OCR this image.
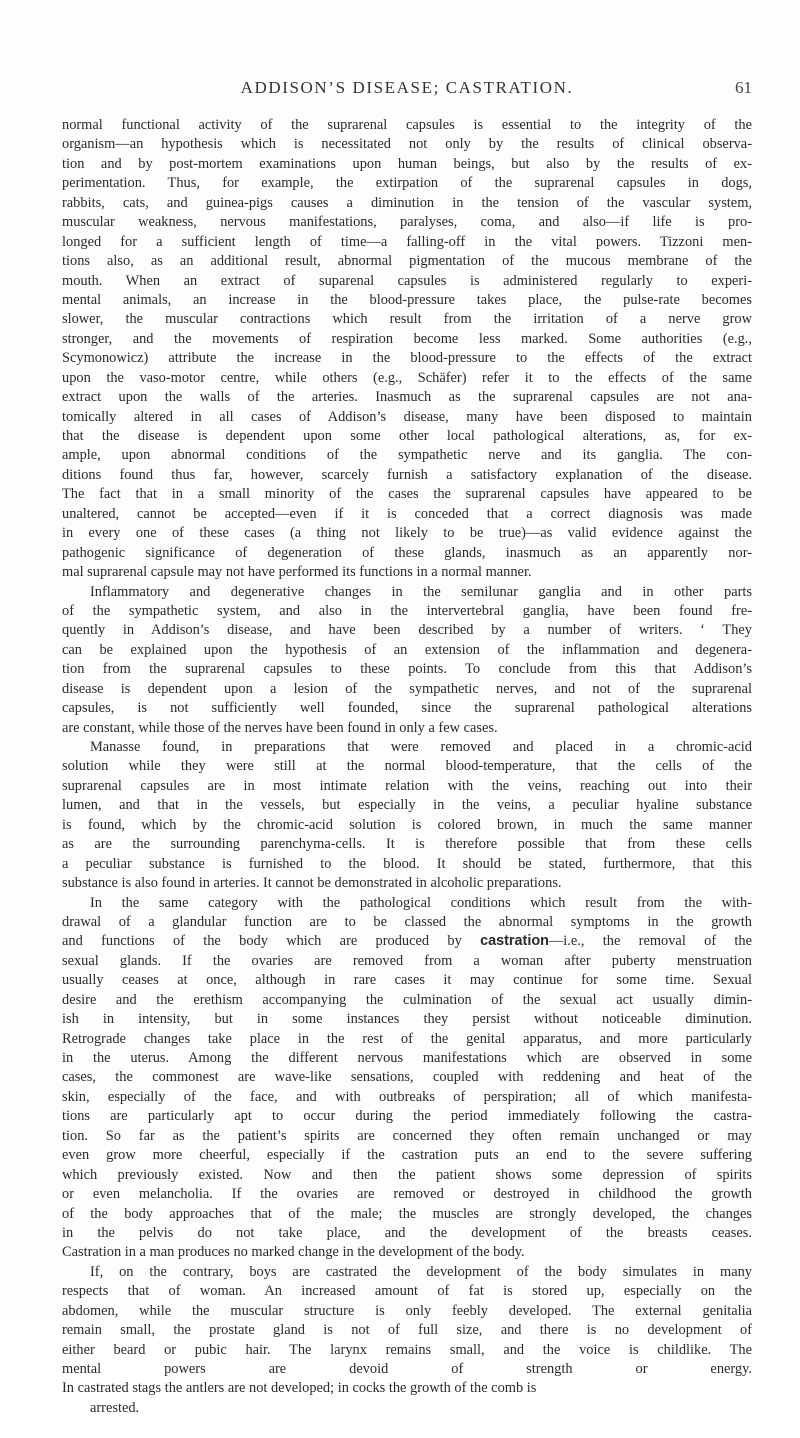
ADDISON’S DISEASE; CASTRATION.	61
normal functional activity of the suprarenal capsules is essential to the integrity of the
organism—an hypothesis which is necessitated not only by the results of clinical observa-
tion and by post-mortem examinations upon human beings, but also by the results of ex-
perimentation. Thus, for example, the extirpation of the suprarenal capsules in dogs,
rabbits, cats, and guinea-pigs causes a diminution in the tension of the vascular system,
muscular weakness, nervous manifestations, paralyses, coma, and also—if life is pro-
longed for a sufficient length of time—a falling-off in the vital powers. Tizzoni men-
tions also, as an additional result, abnormal pigmentation of the mucous membrane of the
mouth. When an extract of suparenal capsules is administered regularly to experi-
mental animals, an increase in the blood-pressure takes place, the pulse-rate becomes
slower, the muscular contractions which result from the irritation of a nerve grow
stronger, and the movements of respiration become less marked. Some authorities (e.g.,
Scymonowicz) attribute the increase in the blood-pressure to the effects of the extract
upon the vaso-motor centre, while others (e.g., Schäfer) refer it to the effects of the same
extract upon the walls of the arteries. Inasmuch as the suprarenal capsules are not ana-
tomically altered in all cases of Addison’s disease, many have been disposed to maintain
that the disease is dependent upon some other local pathological alterations, as, for ex-
ample, upon abnormal conditions of the sympathetic nerve and its ganglia. The con-
ditions found thus far, however, scarcely furnish a satisfactory explanation of the disease.
The fact that in a small minority of the cases the suprarenal capsules have appeared to be
unaltered, cannot be accepted—even if it is conceded that a correct diagnosis was made
in every one of these cases (a thing not likely to be true)—as valid evidence against the
pathogenic significance of degeneration of these glands, inasmuch as an apparently nor-
mal suprarenal capsule may not have performed its functions in a normal manner.
Inflammatory and degenerative changes in the semilunar ganglia and in other parts
of the sympathetic system, and also in the intervertebral ganglia, have been found fre-
quently in Addison’s disease, and have been described by a number of writers. ‘ They
can be explained upon the hypothesis of an extension of the inflammation and degenera-
tion from the suprarenal capsules to these points. To conclude from this that Addison’s
disease is dependent upon a lesion of the sympathetic nerves, and not of the suprarenal
capsules, is not sufficiently well founded, since the suprarenal pathological alterations
are constant, while those of the nerves have been found in only a few cases.
Manasse found, in preparations that were removed and placed in a chromic-acid
solution while they were still at the normal blood-temperature, that the cells of the
suprarenal capsules are in most intimate relation with the veins, reaching out into their
lumen, and that in the vessels, but especially in the veins, a peculiar hyaline substance
is found, which by the chromic-acid solution is colored brown, in much the same manner
as are the surrounding parenchyma-cells. It is therefore possible that from these cells
a peculiar substance is furnished to the blood. It should be stated, furthermore, that this
substance is also found in arteries. It cannot be demonstrated in alcoholic preparations.
In the same category with the pathological conditions which result from the with-
drawal of a glandular function are to be classed the abnormal symptoms in the growth
and functions of the body which are produced by castration—i.e., the removal of the
sexual glands. If the ovaries are removed from a woman after puberty menstruation
usually ceases at once, although in rare cases it may continue for some time. Sexual
desire and the erethism accompanying the culmination of the sexual act usually dimin-
ish in intensity, but in some instances they persist without noticeable diminution.
Retrograde changes take place in the rest of the genital apparatus, and more particularly
in the uterus. Among the different nervous manifestations which are observed in some
cases, the commonest are wave-like sensations, coupled with reddening and heat of the
skin, especially of the face, and with outbreaks of perspiration; all of which manifesta-
tions are particularly apt to occur during the period immediately following the castra-
tion. So far as the patient’s spirits are concerned they often remain unchanged or may
even grow more cheerful, especially if the castration puts an end to the severe suffering
which previously existed. Now and then the patient shows some depression of spirits
or even melancholia. If the ovaries are removed or destroyed in childhood the growth
of the body approaches that of the male; the muscles are strongly developed, the changes
in the pelvis do not take place, and the development of the breasts ceases.
Castration in a man produces no marked change in the development of the body.
If, on the contrary, boys are castrated the development of the body simulates in many
respects that of woman. An increased amount of fat is stored up, especially on the
abdomen, while the muscular structure is only feebly developed. The external genitalia
remain small, the prostate gland is not of full size, and there is no development of
either beard or pubic hair. The larynx remains small, and the voice is childlike. The
mental powers are devoid of strength or energy.
In castrated stags the antlers are not developed; in cocks the growth of the comb is
arrested.
